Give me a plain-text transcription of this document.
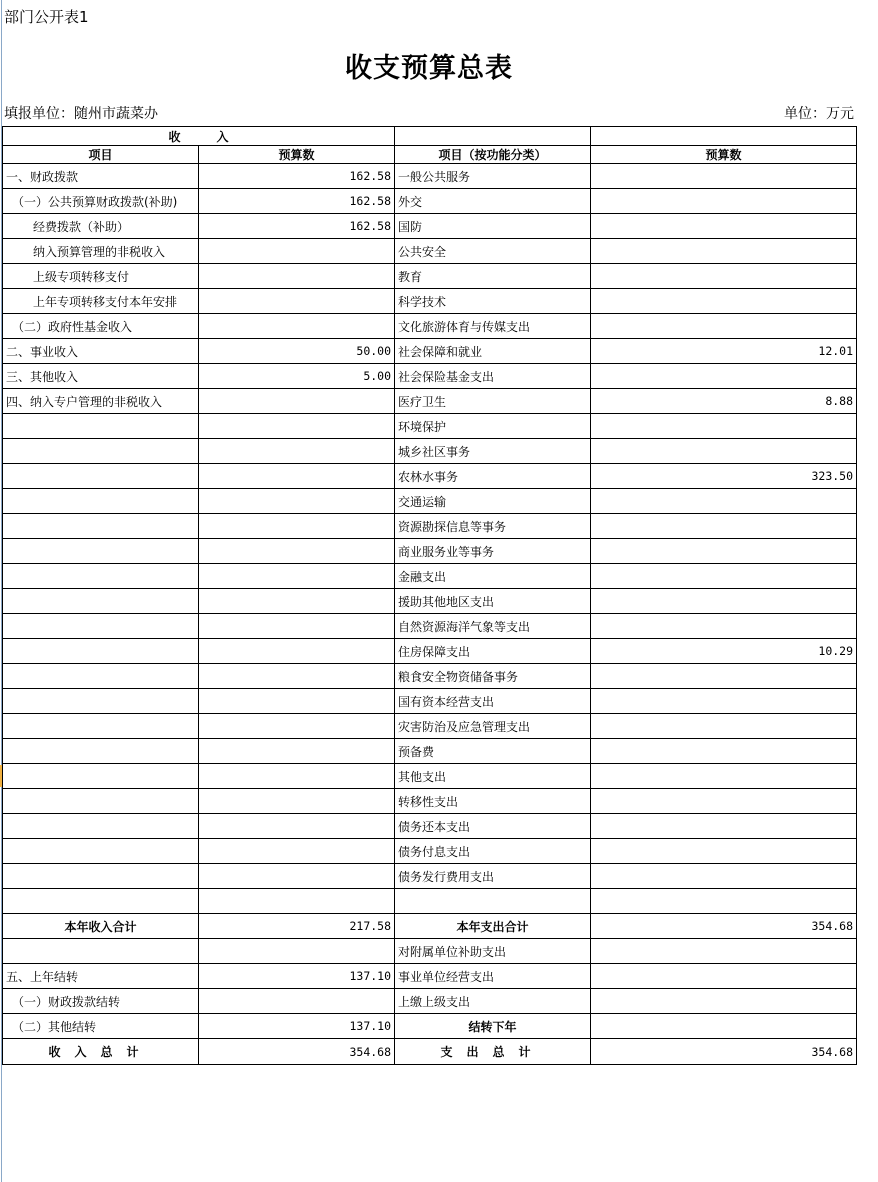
部门公开表1
收支预算总表
填报单位：随州市蔬菜办	单位：万元
收　　　入			
项目	预算数	项目（按功能分类）	预算数
一、财政拨款	162.58	一般公共服务	
（一）公共预算财政拨款(补助)	162.58	外交	
经费拨款（补助）	162.58	国防	
纳入预算管理的非税收入		公共安全	
上级专项转移支付		教育	
上年专项转移支付本年安排		科学技术	
（二）政府性基金收入		文化旅游体育与传媒支出	
二、事业收入	50.00	社会保障和就业	12.01
三、其他收入	5.00	社会保险基金支出	
四、纳入专户管理的非税收入		医疗卫生	8.88
		环境保护	
		城乡社区事务	
		农林水事务	323.50
		交通运输	
		资源勘探信息等事务	
		商业服务业等事务	
		金融支出	
		援助其他地区支出	
		自然资源海洋气象等支出	
		住房保障支出	10.29
		粮食安全物资储备事务	
		国有资本经营支出	
		灾害防治及应急管理支出	
		预备费	
		其他支出	
		转移性支出	
		债务还本支出	
		债务付息支出	
		债务发行费用支出	

本年收入合计	217.58	本年支出合计	354.68
		对附属单位补助支出	
五、上年结转	137.10	事业单位经营支出	
（一）财政拨款结转		上缴上级支出	
（二）其他结转	137.10	结转下年	
收入总计	354.68	支出总计	354.68
